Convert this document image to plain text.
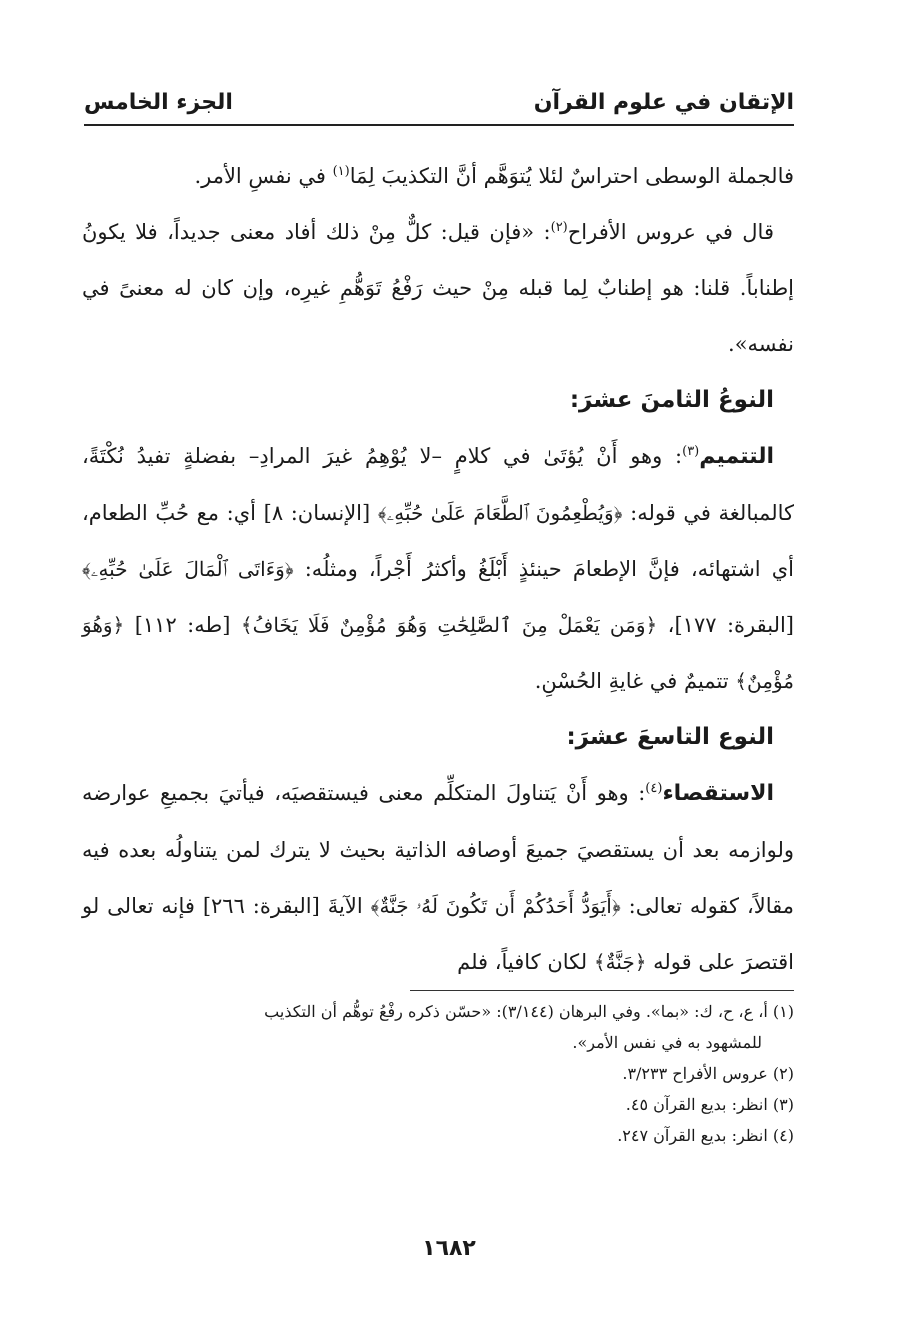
الإتقان في علوم القرآن
الجزء الخامس

فالجملة الوسطى احتراسٌ لئلا يُتوَهَّم أنَّ التكذيبَ لِمَا$^{(١)}$ في نفسِ الأمر.

قال في عروس الأفراح$^{(٢)}$: «فإن قيل: كلٌّ مِنْ ذلك أفاد معنى جديداً، فلا يكونُ إطناباً. قلنا: هو إطنابٌ لِما قبله مِنْ حيث رَفْعُ تَوَهُّمِ غيرِه، وإن كان له معنىً في نفسه».

النوعُ الثامنَ عشرَ:

التتميم$^{(٣)}$: وهو أَنْ يُؤتَىٰ في كلامٍ –لا يُوْهِمُ غيرَ المرادِ– بفضلةٍ تفيدُ نُكْتَةً، كالمبالغة في قوله: ﴿وَيُطْعِمُونَ ٱلطَّعَامَ عَلَىٰ حُبِّهِۦ﴾ [الإنسان: ٨] أي: مع حُبِّ الطعام، أي اشتهائه، فإنَّ الإطعامَ حينئذٍ أَبْلَغُ وأكثرُ أَجْراً، ومثلُه: ﴿وَءَاتَى ٱلْمَالَ عَلَىٰ حُبِّهِۦ﴾ [البقرة: ١٧٧]، ﴿وَمَن يَعْمَلْ مِنَ ٱلصَّٰلِحَٰتِ وَهُوَ مُؤْمِنٌ فَلَا يَخَافُ﴾ [طه: ١١٢] ﴿وَهُوَ مُؤْمِنٌ﴾ تتميمٌ في غايةِ الحُسْنِ.

النوع التاسعَ عشرَ:

الاستقصاء$^{(٤)}$: وهو أَنْ يَتناولَ المتكلِّم معنى فيستقصيَه، فيأتيَ بجميعِ عوارضه ولوازمه بعد أن يستقصيَ جميعَ أوصافه الذاتية بحيث لا يترك لمن يتناولُه بعده فيه مقالاً، كقوله تعالى: ﴿أَيَوَدُّ أَحَدُكُمْ أَن تَكُونَ لَهُۥ جَنَّةٌ﴾ الآيةَ [البقرة: ٢٦٦] فإنه تعالى لو اقتصرَ على قوله ﴿جَنَّةٌ﴾ لكان كافياً، فلم

(١) أ، ع، ح، ك: «بما». وفي البرهان (٣/١٤٤): «حسّن ذكره رفْعُ توهُّم أن التكذيب

للمشهود به في نفس الأمر».

(٢) عروس الأفراح ٣/٢٣٣.

(٣) انظر: بديع القرآن ٤٥.

(٤) انظر: بديع القرآن ٢٤٧.

١٦٨٢
